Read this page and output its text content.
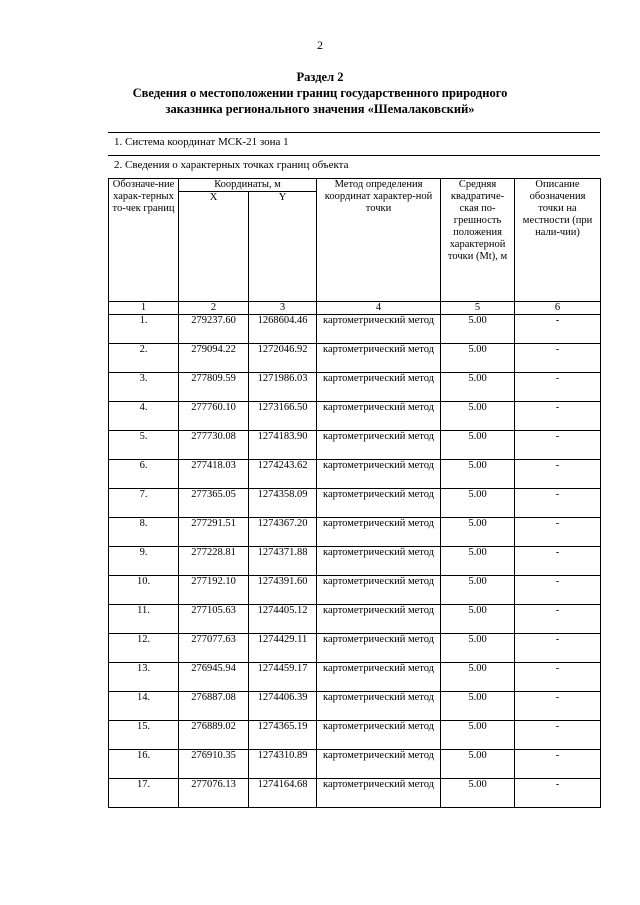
2
Раздел 2
Сведения о местоположении границ государственного природного
заказника регионального значения «Шемалаковский»
1. Система координат МСК-21 зона 1
2. Сведения о характерных точках границ объекта
Обозначе-ние харак-терных то-чек границ	Координаты, м		Метод определения координат характер-ной точки	Средняя квадратиче-ская по-грешность положения характерной точки (Mt), м	Описание обозначения точки на местности (при нали-чии)
	X	Y			
1	2	3	4	5	6
1.	279237.60	1268604.46	картометрический метод	5.00	-
2.	279094.22	1272046.92	картометрический метод	5.00	-
3.	277809.59	1271986.03	картометрический метод	5.00	-
4.	277760.10	1273166.50	картометрический метод	5.00	-
5.	277730.08	1274183.90	картометрический метод	5.00	-
6.	277418.03	1274243.62	картометрический метод	5.00	-
7.	277365.05	1274358.09	картометрический метод	5.00	-
8.	277291.51	1274367.20	картометрический метод	5.00	-
9.	277228.81	1274371.88	картометрический метод	5.00	-
10.	277192.10	1274391.60	картометрический метод	5.00	-
11.	277105.63	1274405.12	картометрический метод	5.00	-
12.	277077.63	1274429.11	картометрический метод	5.00	-
13.	276945.94	1274459.17	картометрический метод	5.00	-
14.	276887.08	1274406.39	картометрический метод	5.00	-
15.	276889.02	1274365.19	картометрический метод	5.00	-
16.	276910.35	1274310.89	картометрический метод	5.00	-
17.	277076.13	1274164.68	картометрический метод	5.00	-
